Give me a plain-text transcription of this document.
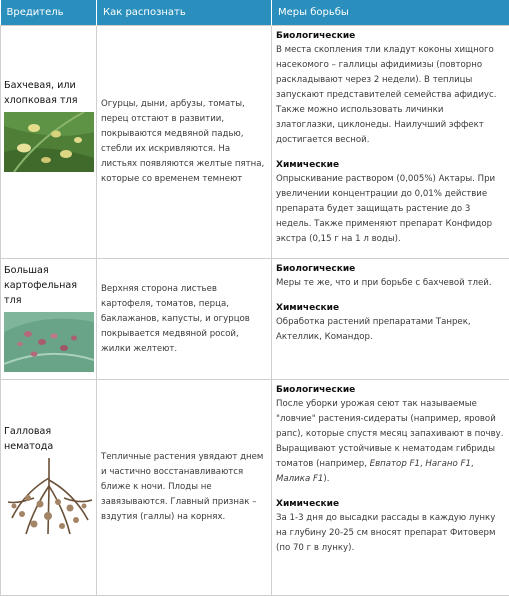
Вредитель	Как распознать	Меры борьбы

Бахчевая, или хлопковая тля	Огурцы, дыни, арбузы, томаты, перец отстают в развитии, покрываются медвяной падью, стебли их искривляются. На листьях появляются желтые пятна, которые со временем темнеют	Биологические
В места скопления тли кладут коконы хищного насекомого – галлицы афидимизы (повторно раскладывают через 2 недели). В теплицы запускают представителей семейства афидиус. Также можно использовать личинки златоглазки, циклонеды. Наилучший эффект достигается весной.
Химические
Опрыскивание раствором (0,005%) Актары. При увеличении концентрации до 0,01% действие препарата будет защищать растение до 3 недель. Также применяют препарат Конфидор экстра (0,15 г на 1 л воды).

Большая картофельная тля	Верхняя сторона листьев картофеля, томатов, перца, баклажанов, капусты, и огурцов покрывается медвяной росой, жилки желтеют.	Биологические
Меры те же, что и при борьбе с бахчевой тлей.
Химические
Обработка растений препаратами Танрек, Актеллик, Командор.

Галловая нематода	Тепличные растения увядают днем и частично восстанавливаются ближе к ночи. Плоды не завязываются. Главный признак – вздутия (галлы) на корнях.	Биологические
После уборки урожая сеют так называемые "ловчие" растения-сидераты (например, яровой рапс), которые спустя месяц запахивают в почву. Выращивают устойчивые к нематодам гибриды томатов (например, Евпатор F1, Нагано F1, Малика F1).
Химические
За 1-3 дня до высадки рассады в каждую лунку на глубину 20-25 см вносят препарат Фитоверм (по 70 г в лунку).
